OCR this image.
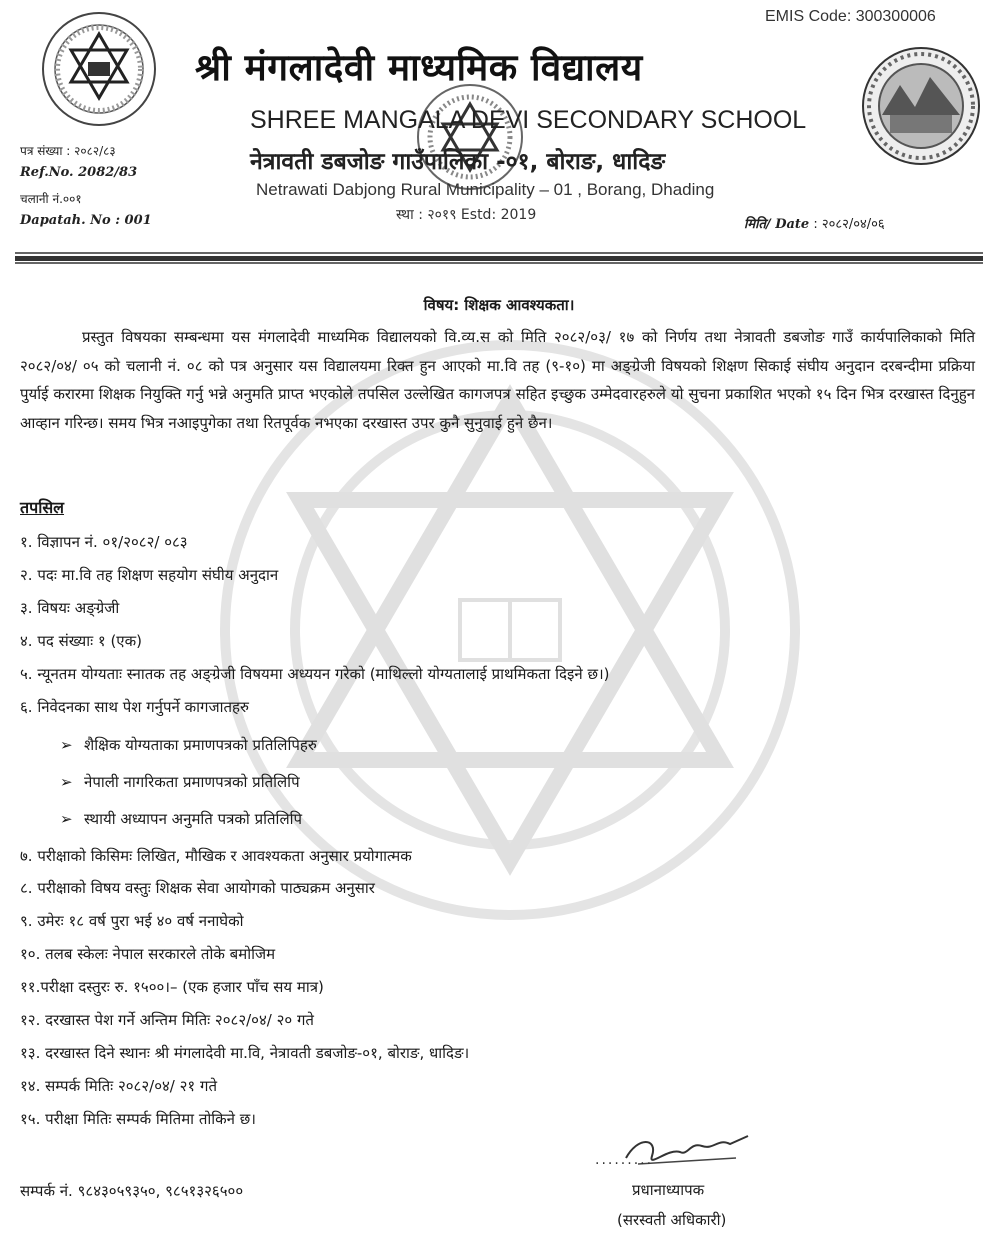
EMIS Code: 300300006
श्री मंगलादेवी माध्यमिक विद्यालय
SHREE MANGALA DEVI SECONDARY SCHOOL
नेत्रावती डबजोङ गाउँपालिका -०१, बोराङ, धादिङ
Netrawati Dabjong Rural Municipality – 01 , Borang, Dhading
स्था : २०१९ Estd: 2019
पत्र संख्या : २०८२/८३
Ref.No. 2082/83
चलानी नं.००१
Dapatah. No : 001	मिति/ Date : २०८२/०४/०६
विषय: शिक्षक आवश्यकता।
प्रस्तुत विषयका सम्बन्धमा यस मंगलादेवी माध्यमिक विद्यालयको वि.व्य.स को मिति २०८२/०३/ १७ को निर्णय तथा नेत्रावती डबजोङ गाउँ कार्यपालिकाको मिति २०८२/०४/ ०५ को चलानी नं. ०८ को पत्र अनुसार यस विद्यालयमा रिक्त हुन आएको मा.वि तह (९-१०) मा अङ्ग्रेजी विषयको शिक्षण सिकाई संघीय अनुदान दरबन्दीमा प्रक्रिया पुर्याई करारमा शिक्षक नियुक्ति गर्नु भन्ने अनुमति प्राप्त भएकोले तपसिल उल्लेखित कागजपत्र सहित इच्छुक उम्मेदवारहरुले यो सुचना प्रकाशित भएको १५ दिन भित्र दरखास्त दिनुहुन आव्हान गरिन्छ। समय भित्र नआइपुगेका तथा रितपूर्वक नभएका दरखास्त उपर कुनै सुनुवाई हुने छैन।
तपसिल
१. विज्ञापन नं. ०१/२०८२/ ०८३
२. पदः मा.वि तह शिक्षण सहयोग संघीय अनुदान
३. विषयः अङ्ग्रेजी
४. पद संख्याः १ (एक)
५. न्यूनतम योग्यताः स्नातक तह अङ्ग्रेजी विषयमा अध्ययन गरेको (माथिल्लो योग्यतालाई प्राथमिकता दिइने छ।)
६. निवेदनका साथ पेश गर्नुपर्ने कागजातहरु
➢ शैक्षिक योग्यताका प्रमाणपत्रको प्रतिलिपिहरु
➢ नेपाली नागरिकता प्रमाणपत्रको प्रतिलिपि
➢ स्थायी अध्यापन अनुमति पत्रको प्रतिलिपि
७. परीक्षाको किसिमः लिखित, मौखिक र आवश्यकता अनुसार प्रयोगात्मक
८. परीक्षाको विषय वस्तुः शिक्षक सेवा आयोगको पाठ्यक्रम अनुसार
९. उमेरः १८ वर्ष पुरा भई ४० वर्ष ननाघेको
१०. तलब स्केलः नेपाल सरकारले तोके बमोजिम
११.परीक्षा दस्तुरः रु. १५००।– (एक हजार पाँच सय मात्र)
१२. दरखास्त पेश गर्ने अन्तिम मितिः २०८२/०४/ २० गते
१३. दरखास्त दिने स्थानः श्री मंगलादेवी मा.वि, नेत्रावती डबजोङ-०१, बोराङ, धादिङ।
१४. सम्पर्क मितिः २०८२/०४/ २१ गते
१५. परीक्षा मितिः सम्पर्क मितिमा तोकिने छ।
सम्पर्क नं. ९८४३०५९३५०, ९८५१३२६५००
.........
प्रधानाध्यापक
(सरस्वती अधिकारी)
